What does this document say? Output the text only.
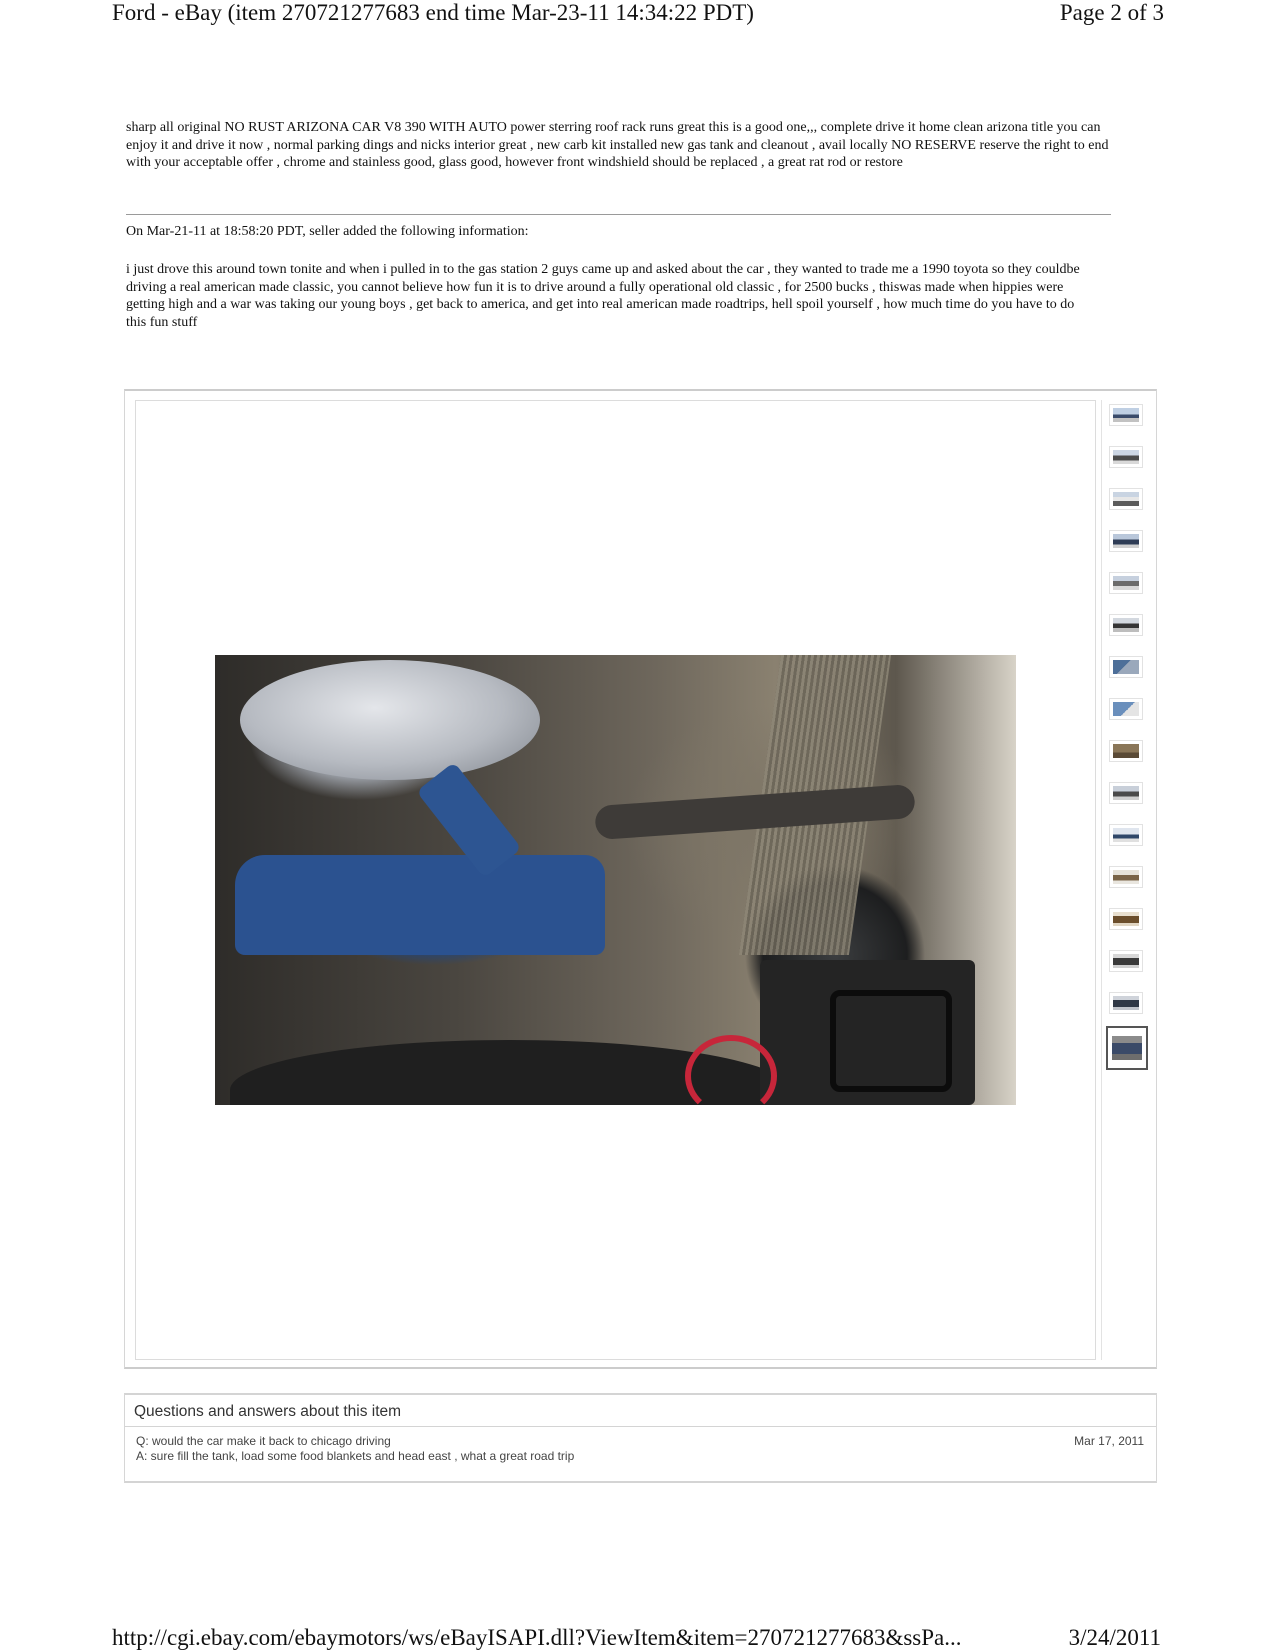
Ford - eBay (item 270721277683 end time Mar-23-11 14:34:22 PDT)	Page 2 of 3

sharp all original NO RUST ARIZONA CAR V8 390 WITH AUTO power sterring roof rack runs great this is a good one,,, complete drive it home clean arizona title you can enjoy it and drive it now , normal parking dings and nicks interior great , new carb kit installed new gas tank and cleanout , avail locally NO RESERVE reserve the right to end with your acceptable offer , chrome and stainless good, glass good, however front windshield should be replaced , a great rat rod or restore

On Mar-21-11 at 18:58:20 PDT, seller added the following information:

i just drove this around town tonite and when i pulled in to the gas station 2 guys came up and asked about the car , they wanted to trade me a 1990 toyota so they couldbe driving a real american made classic, you cannot believe how fun it is to drive around a fully operational old classic , for 2500 bucks , thiswas made when hippies were getting high and a war was taking our young boys , get back to america, and get into real american made roadtrips, hell spoil yourself , how much time do you have to do this fun stuff

Questions and answers about this item
Q: would the car make it back to chicago driving
A: sure fill the tank, load some food blankets and head east , what a great road trip
Mar 17, 2011
http://cgi.ebay.com/ebaymotors/ws/eBayISAPI.dll?ViewItem&item=270721277683&ssPa...	3/24/2011
